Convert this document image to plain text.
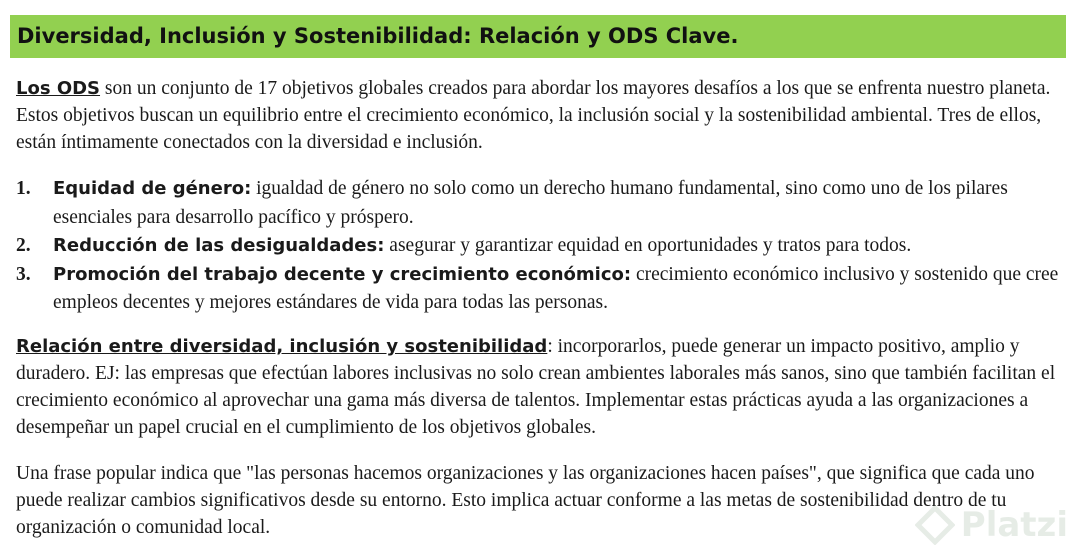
Diversidad, Inclusión y Sostenibilidad: Relación y ODS Clave.

Los ODS son un conjunto de 17 objetivos globales creados para abordar los mayores desafíos a los que se enfrenta nuestro planeta. Estos objetivos buscan un equilibrio entre el crecimiento económico, la inclusión social y la sostenibilidad ambiental. Tres de ellos, están íntimamente conectados con la diversidad e inclusión.

1. Equidad de género: igualdad de género no solo como un derecho humano fundamental, sino como uno de los pilares esenciales para desarrollo pacífico y próspero.
2. Reducción de las desigualdades: asegurar y garantizar equidad en oportunidades y tratos para todos.
3. Promoción del trabajo decente y crecimiento económico: crecimiento económico inclusivo y sostenido que cree empleos decentes y mejores estándares de vida para todas las personas.

Relación entre diversidad, inclusión y sostenibilidad: incorporarlos, puede generar un impacto positivo, amplio y duradero. EJ: las empresas que efectúan labores inclusivas no solo crean ambientes laborales más sanos, sino que también facilitan el crecimiento económico al aprovechar una gama más diversa de talentos. Implementar estas prácticas ayuda a las organizaciones a desempeñar un papel crucial en el cumplimiento de los objetivos globales.

Una frase popular indica que "las personas hacemos organizaciones y las organizaciones hacen países", que significa que cada uno puede realizar cambios significativos desde su entorno. Esto implica actuar conforme a las metas de sostenibilidad dentro de tu organización o comunidad local.	Platzi
